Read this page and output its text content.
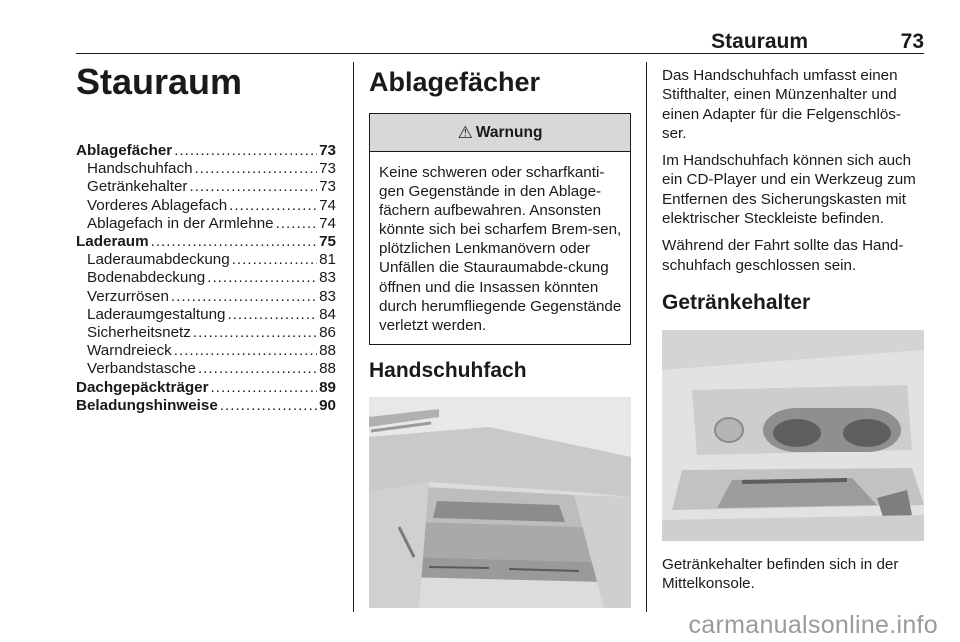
Stauraum	73
Stauraum
Ablagefächer .....	73
Handschuhfach .....	73
Getränkehalter .....	73
Vorderes Ablagefach .....	74
Ablagefach in der Armlehne .....	74
Laderaum .....	75
Laderaumabdeckung .....	81
Bodenabdeckung .....	83
Verzurrösen .....	83
Laderaumgestaltung .....	84
Sicherheitsnetz .....	86
Warndreieck .....	88
Verbandstasche .....	88
Dachgepäckträger .....	89
Beladungshinweise .....	90
Ablagefächer
⚠ Warnung
Keine schweren oder scharfkanti-gen Gegenstände in den Ablage-fächern aufbewahren. Ansonsten könnte sich bei scharfem Brem-sen, plötzlichen Lenkmanövern oder Unfällen die Stauraumabde-ckung öffnen und die Insassen könnten durch herumfliegende Gegenstände verletzt werden.
Handschuhfach

Das Handschuhfach umfasst einen Stifthalter, einen Münzenhalter und einen Adapter für die Felgenschlös-ser.

Im Handschuhfach können sich auch ein CD-Player und ein Werkzeug zum Entfernen des Sicherungskasten mit elektrischer Steckleiste befinden.

Während der Fahrt sollte das Hand-schuhfach geschlossen sein.

Getränkehalter

Getränkehalter befinden sich in der Mittelkonsole.

carmanualsonline.info
